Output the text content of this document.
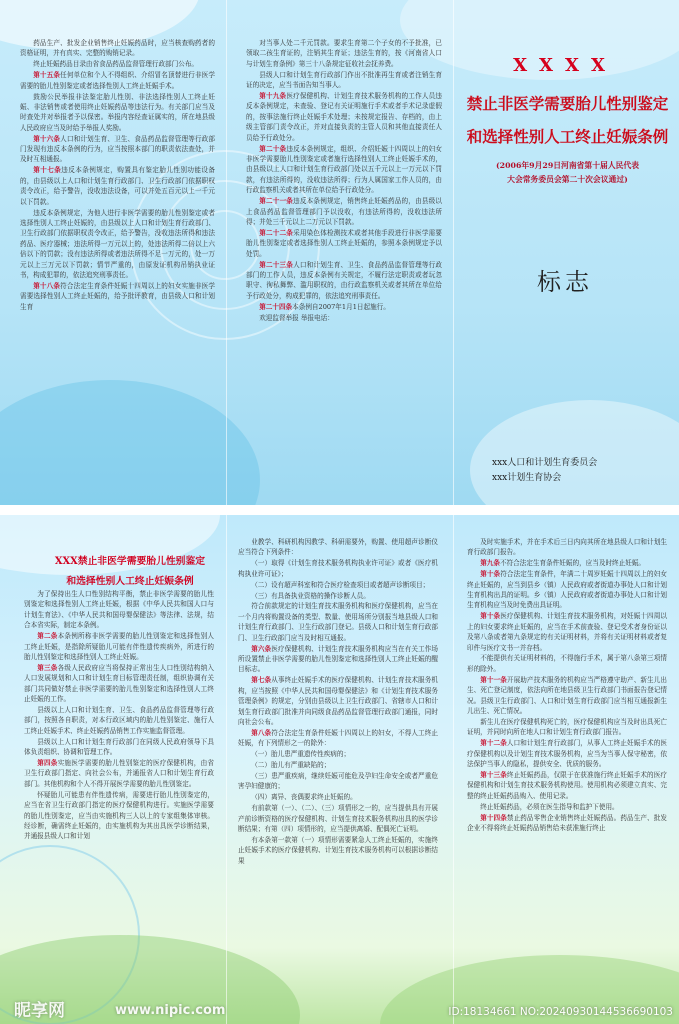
药品生产、批发企业销售终止妊娠药品时，应当核查购药者的资格证明，并有真实、完整的购销记录。

终止妊娠药品目录由省食品药品监督管理行政部门公布。

第十五条任何单位和个人不得组织、介绍冒名顶替进行非医学需要的胎儿性别鉴定或者选择性别人工终止妊娠手术。

鼓励公民举报非法鉴定胎儿性别、非法选择性别人工终止妊娠、非法销售或者使用终止妊娠药品等违法行为。有关部门应当及时查处并对举报者予以保密。举报内容经查证属实的，所在地县级人民政府应当及时给予举报人奖励。

第十六条人口和计划生育、卫生、食品药品监督管理等行政部门发现有违反本条例的行为，应当按照本部门的职责依法查处，并及时互相通报。

第十七条违反本条例规定，购置具有鉴定胎儿性别功能设备的，由县级以上人口和计划生育行政部门、卫生行政部门依据职权责令改正，给予警告，没收违法设备，可以并处五百元以上一千元以下罚款。

违反本条例规定，为他人进行非医学需要的胎儿性别鉴定或者选择性别人工终止妊娠的，由县级以上人口和计划生育行政部门、卫生行政部门依据职权责令改正，给予警告，没收违法所得和违法药品、医疗器械；违法所得一万元以上的，处违法所得二倍以上六倍以下的罚款；没有违法所得或者违法所得不足一万元的，处一万元以上三万元以下罚款；情节严重的，由原发证机构吊销执业证书，构成犯罪的，依法追究刑事责任。

第十八条符合法定生育条件妊娠十四周以上的妇女实施非医学需要选择性别人工终止妊娠的，给予批评教育，由县级人口和计划生育

对当事人处二千元罚款。要求生育第二个子女的不予批准，已领取二孩生育证的，注销其生育证；违法生育的，按《河南省人口与计划生育条例》第三十八条规定征收社会抚养费。

县级人口和计划生育行政部门作出不批准再生育或者注销生育证的决定，应当书面告知当事人。

第十九条医疗保健机构、计划生育技术服务机构的工作人员违反本条例规定，未查验、登记有关证明施行手术或者手术记录虚假的，按事法施行终止妊娠手术处理；未按规定报告、存档的，由上级主管部门责令改正，并对直接负责的主管人员和其他直接责任人员给予行政处分。

第二十条违反本条例规定，组织、介绍妊娠十四周以上的妇女非医学需要胎儿性别鉴定或者施行选择性别人工终止妊娠手术的，由县级以上人口和计划生育行政部门处以五千元以上一万元以下罚款，有违法所得的，没收违法所得；行为人属国家工作人员的，由行政监察机关或者其所在单位给予行政处分。

第二十一条违反本条例规定，销售终止妊娠药品的，由县级以上食品药品监督管理部门予以没收，有违法所得的，没收违法所得；并处三千元以上二万元以下罚款。

第二十二条采用染色体检测技术或者其他手段进行非医学需要胎儿性别鉴定或者选择性别人工终止妊娠的，参照本条例规定予以处罚。

第二十三条人口和计划生育、卫生、食品药品监督管理等行政部门的工作人员，违反本条例有关规定，不履行法定职责或者玩忽职守、徇私舞弊、滥用职权的，由行政监察机关或者其所在单位给予行政处分，构成犯罪的，依法追究刑事责任。

第二十四条本条例自2007年1月1日起施行。

欢迎监督举报 举报电话：

XXXX
禁止非医学需要胎儿性别鉴定
和选择性别人工终止妊娠条例
(2006年9月29日河南省第十届人民代表
大会常务委员会第二十次会议通过)
标志
xxx人口和计划生育委员会
xxx计划生育协会

为了保持出生人口性别结构平衡，禁止非医学需要的胎儿性别鉴定和选择性别人工终止妊娠，根据《中华人民共和国人口与计划生育法》、《中华人民共和国母婴保健法》等法律、法规，结合本省实际，制定本条例。

第二条本条例所称非医学需要的胎儿性别鉴定和选择性别人工终止妊娠，是指除所疑胎儿可能有伴性遗传疾病外，所进行的胎儿性别鉴定和选择性别人工终止妊娠。

第三条各级人民政府应当将保持正常出生人口性别结构纳入人口发展规划和人口和计划生育目标管理责任制，组织协调有关部门共同做好禁止非医学需要的胎儿性别鉴定和选择性别人工终止妊娠的工作。

县级以上人口和计划生育、卫生、食品药品监督管理等行政部门，按照各自职责，对本行政区域内的胎儿性别鉴定、施行人工终止妊娠手术、终止妊娠药品销售工作实施监督管理。

县级以上人口和计划生育行政部门在同级人民政府领导下具体负责组织、协调和管理工作。

第四条实施医学需要的胎儿性别鉴定的医疗保健机构，由省卫生行政部门指定、向社会公布，并通报省人口和计划生育行政部门。其他机构和个人不得开展医学需要的胎儿性别鉴定。

怀疑胎儿可能患有伴性遗传病，需要进行胎儿性别鉴定的，应当在省卫生行政部门指定的医疗保健机构进行。实施医学需要的胎儿性别鉴定，应当由实施机构三人以上的专家组集体审核。经诊断，确需终止妊娠的，由实施机构为其出具医学诊断结果，并通报县级人口和计划

业教学、科研机构因教学、科研需要外，购置、使用超声诊断仪应当符合下列条件：

（一）取得《计划生育技术服务机构执业许可证》或者《医疗机构执业许可证》；

（二）设有超声科室和符合医疗检查项目或者超声诊断项目；

（三）有具备执业资格的操作诊断人员。

符合前款规定的计划生育技术服务机构和医疗保健机构，应当在一个月内将购置设备的类型、数量、使用场所分别报当地县级人口和计划生育行政部门、卫生行政部门登记。县级人口和计划生育行政部门、卫生行政部门应当及时相互通报。

第六条医疗保健机构、计划生育技术服务机构应当在有关工作场所设置禁止非医学需要的胎儿性别鉴定和选择性别人工终止妊娠的醒目标志。

第七条从事终止妊娠手术的医疗保健机构、计划生育技术服务机构，应当按照《中华人民共和国母婴保健法》和《计划生育技术服务管理条例》的规定，分别由县级以上卫生行政部门、省辖市人口和计划生育行政部门批准并向同级食品药品监督管理行政部门通报，同时向社会公布。

第八条符合法定生育条件妊娠十四周以上的妇女，不得人工终止妊娠，有下列情形之一的除外：

（一）胎儿患严重遗传性疾病的；

（二）胎儿有严重缺陷的；

（三）患严重疾病，继续妊娠可能危及孕妇生命安全或者严重危害孕妇健康的；

（四）离异、丧偶要求终止妊娠的。

有前款第（一）、（二）、（三）项情形之一的，应当提供具有开展产前诊断资格的医疗保健机构、计划生育技术服务机构出具的医学诊断结果；有第（四）项情形的，应当提供离婚、配偶死亡证明。

有本条第一款第（一）项情形需要紧急人工终止妊娠的，实施终止妊娠手术的医疗保健机构、计划生育技术服务机构可以根据诊断结果

及时实施手术，并在手术后三日内向其所在地县级人口和计划生育行政部门报告。

第九条不符合法定生育条件妊娠的，应当及时终止妊娠。

第十条符合法定生育条件，年满二十周岁妊娠十四周以上的妇女终止妊娠的，应当到县乡（镇）人民政府或者街道办事处人口和计划生育机构出具的证明。乡（镇）人民政府或者街道办事处人口和计划生育机构应当及时免费出具证明。

第十条医疗保健机构、计划生育技术服务机构，对妊娠十四周以上的妇女要求终止妊娠的，应当在手术前查验、登记受术者身份证以及第八条或者第九条规定的有关证明材料，并将有关证明材料或者复印件与医疗文书一并存档。

不能提供有关证明材料的，不得施行手术，属于第八条第三项情形的除外。

第十一条开展助产技术服务的机构应当严格遵守助产、新生儿出生、死亡登记制度，依法向所在地县级卫生行政部门书面报告登记情况。县级卫生行政部门、人口和计划生育行政部门应当相互通报新生儿出生、死亡情况。

新生儿在医疗保健机构死亡的，医疗保健机构应当及时出具死亡证明，并同时向所在地人口和计划生育行政部门报告。

第十二条人口和计划生育行政部门，从事人工终止妊娠手术的医疗保健机构以及计划生育技术服务机构，应当为当事人保守秘密，依法保护当事人的隐私，提供安全、优质的服务。

第十三条终止妊娠药品，仅限于在获准施行终止妊娠手术的医疗保健机构和计划生育技术服务机构使用。使用机构必须建立真实、完整的终止妊娠药品购入、使用记录。

终止妊娠药品，必须在医生指导和监护下使用。

第十四条禁止药品零售企业销售终止妊娠药品。药品生产、批发企业不得将终止妊娠药品销售给未获准施行终止

XXX禁止非医学需要胎儿性别鉴定
和选择性别人工终止妊娠条例
昵享网	www.nipic.com	ID:18134661 NO:20240930144536690103
